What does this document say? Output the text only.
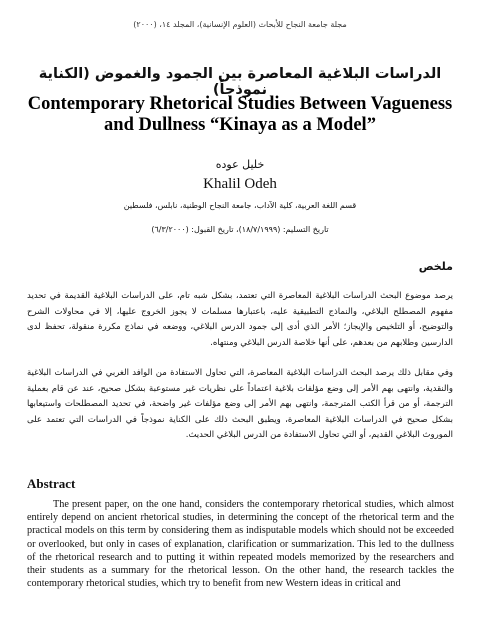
مجلة جامعة النجاح للأبحاث (العلوم الإنسانية)، المجلد ١٤، (٢٠٠٠)
الدراسات البلاغية المعاصرة بين الجمود والغموض (الكناية نموذجاً)
Contemporary Rhetorical Studies Between Vagueness and Dullness “Kinaya as a Model”
خليل عوده
Khalil Odeh
قسم اللغة العربية، كلية الآداب، جامعة النجاح الوطنية، نابلس، فلسطين
تاريخ التسليم: (١٨/٧/١٩٩٩)، تاريخ القبول: (٦/٣/٢٠٠٠)
ملخص
يرصد موضوع البحث الدراسات البلاغية المعاصرة التي تعتمد، بشكل شبه تام، على الدراسات البلاغية القديمة في تحديد مفهوم المصطلح البلاغي، والنماذج التطبيقية عليه، باعتبارها مسلمات لا يجوز الخروج عليها، إلا في محاولات الشرح والتوضيح، أو التلخيص والإيجاز؛ الأمر الذي أدى إلى جمود الدرس البلاغي، ووضعه في نماذج مكررة منقولة، تحفظ لدى الدارسين وطلابهم من بعدهم، على أنها خلاصة الدرس البلاغي ومنتهاه.
وفي مقابل ذلك يرصد البحث الدراسات البلاغية المعاصرة، التي تحاول الاستفادة من الوافد الغربي في الدراسات البلاغية والنقدية، وانتهى بهم الأمر إلى وضع مؤلفات بلاغية اعتماداً على نظريات غير مستوعبة بشكل صحيح، عند عن قام بعملية الترجمة، أو من قرأ الكتب المترجمة، وانتهى بهم الأمر إلى وضع مؤلفات غير واضحة، في تحديد المصطلحات واستيعابها بشكل صحيح في الدراسات البلاغية المعاصرة، ويطبق البحث ذلك على الكناية نموذجاً في الدراسات التي تعتمد على الموروث البلاغي القديم، أو التي تحاول الاستفادة من الدرس البلاغي الحديث.
Abstract
The present paper, on the one hand, considers the contemporary rhetorical studies, which almost entirely depend on ancient rhetorical studies, in determining the concept of the rhetorical term and the practical models on this term by considering them as indisputable models which should not be exceeded or overlooked, but only in cases of explanation, clarification or summarization. This led to the dullness of the rhetorical research and to putting it within repeated models memorized by the researchers and their students as a summary for the rhetorical lesson. On the other hand, the research tackles the contemporary rhetorical studies, which try to benefit from new Western ideas in critical and
